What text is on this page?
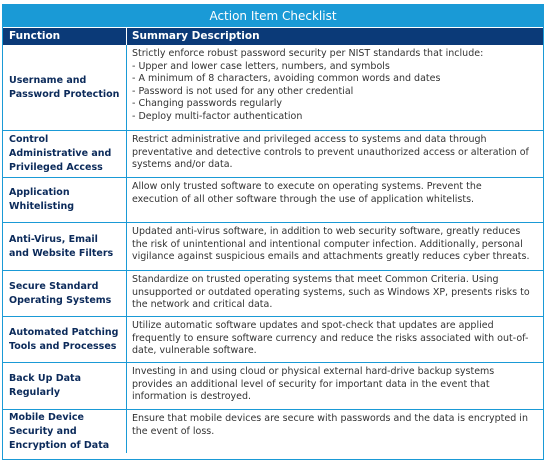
Action Item Checklist
Function	Summary Description
Username and
Password Protection
Strictly enforce robust password security per NIST standards that include:
- Upper and lower case letters, numbers, and symbols
- A minimum of 8 characters, avoiding common words and dates
- Password is not used for any other credential
- Changing passwords regularly
- Deploy multi-factor authentication
Control
Administrative and
Privileged Access
Restrict administrative and privileged access to systems and data through
preventative and detective controls to prevent unauthorized access or alteration of
systems and/or data.
Application
Whitelisting
Allow only trusted software to execute on operating systems. Prevent the
execution of all other software through the use of application whitelists.
Anti-Virus, Email
and Website Filters
Updated anti-virus software, in addition to web security software, greatly reduces
the risk of unintentional and intentional computer infection. Additionally, personal
vigilance against suspicious emails and attachments greatly reduces cyber threats.
Secure Standard
Operating Systems
Standardize on trusted operating systems that meet Common Criteria. Using
unsupported or outdated operating systems, such as Windows XP, presents risks to
the network and critical data.
Automated Patching
Tools and Processes
Utilize automatic software updates and spot-check that updates are applied
frequently to ensure software currency and reduce the risks associated with out-of-
date, vulnerable software.
Back Up Data
Regularly
Investing in and using cloud or physical external hard-drive backup systems
provides an additional level of security for important data in the event that
information is destroyed.
Mobile Device
Security and
Encryption of Data
Ensure that mobile devices are secure with passwords and the data is encrypted in
the event of loss.
